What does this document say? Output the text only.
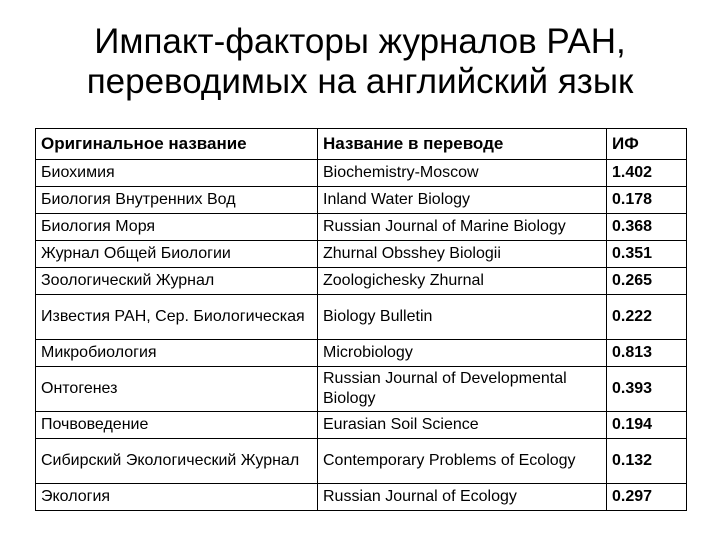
Импакт-факторы журналов РАН,
переводимых на английский язык
Оригинальное название	Название в переводе	ИФ
Биохимия	Biochemistry-Moscow	1.402
Биология Внутренних Вод	Inland Water Biology	0.178
Биология Моря	Russian Journal of Marine Biology	0.368
Журнал Общей Биологии	Zhurnal Obsshey Biologii	0.351
Зоологический Журнал	Zoologichesky Zhurnal	0.265
Известия РАН, Сер. Биологическая	Biology Bulletin	0.222
Микробиология	Microbiology	0.813
Онтогенез	Russian Journal of Developmental Biology	0.393
Почвоведение	Eurasian Soil Science	0.194
Сибирский Экологический Журнал	Contemporary Problems of Ecology	0.132
Экология	Russian Journal of Ecology	0.297
